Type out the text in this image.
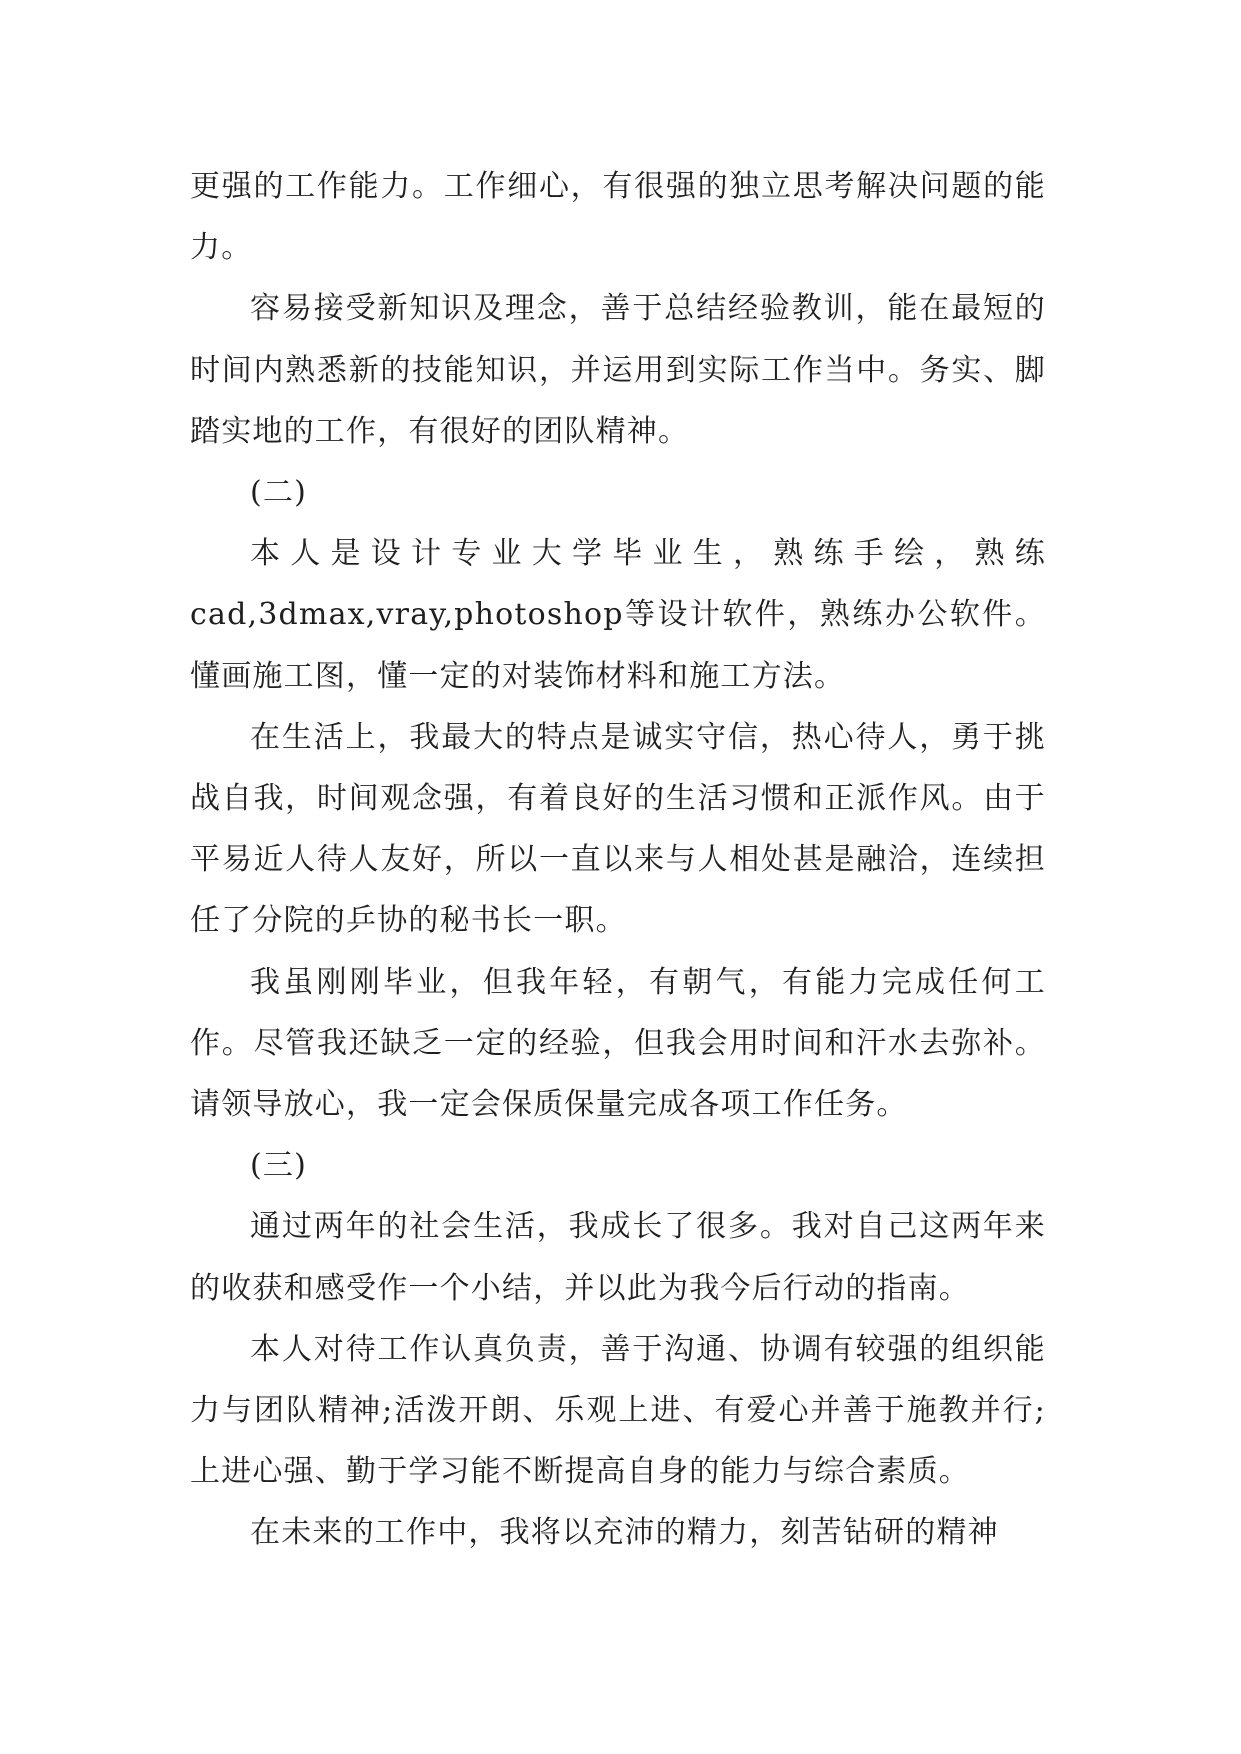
更强的工作能力。工作细心，有很强的独立思考解决问题的能力。

容易接受新知识及理念，善于总结经验教训，能在最短的时间内熟悉新的技能知识，并运用到实际工作当中。务实、脚踏实地的工作，有很好的团队精神。

(二)

本人是设计专业大学毕业生，熟练手绘，熟练cad,3dmax,vray,photoshop等设计软件，熟练办公软件。懂画施工图，懂一定的对装饰材料和施工方法。

在生活上，我最大的特点是诚实守信，热心待人，勇于挑战自我，时间观念强，有着良好的生活习惯和正派作风。由于平易近人待人友好，所以一直以来与人相处甚是融洽，连续担任了分院的乒协的秘书长一职。

我虽刚刚毕业，但我年轻，有朝气，有能力完成任何工作。尽管我还缺乏一定的经验，但我会用时间和汗水去弥补。请领导放心，我一定会保质保量完成各项工作任务。

(三)

通过两年的社会生活，我成长了很多。我对自己这两年来的收获和感受作一个小结，并以此为我今后行动的指南。

本人对待工作认真负责，善于沟通、协调有较强的组织能力与团队精神;活泼开朗、乐观上进、有爱心并善于施教并行;上进心强、勤于学习能不断提高自身的能力与综合素质。

在未来的工作中，我将以充沛的精力，刻苦钻研的精神
